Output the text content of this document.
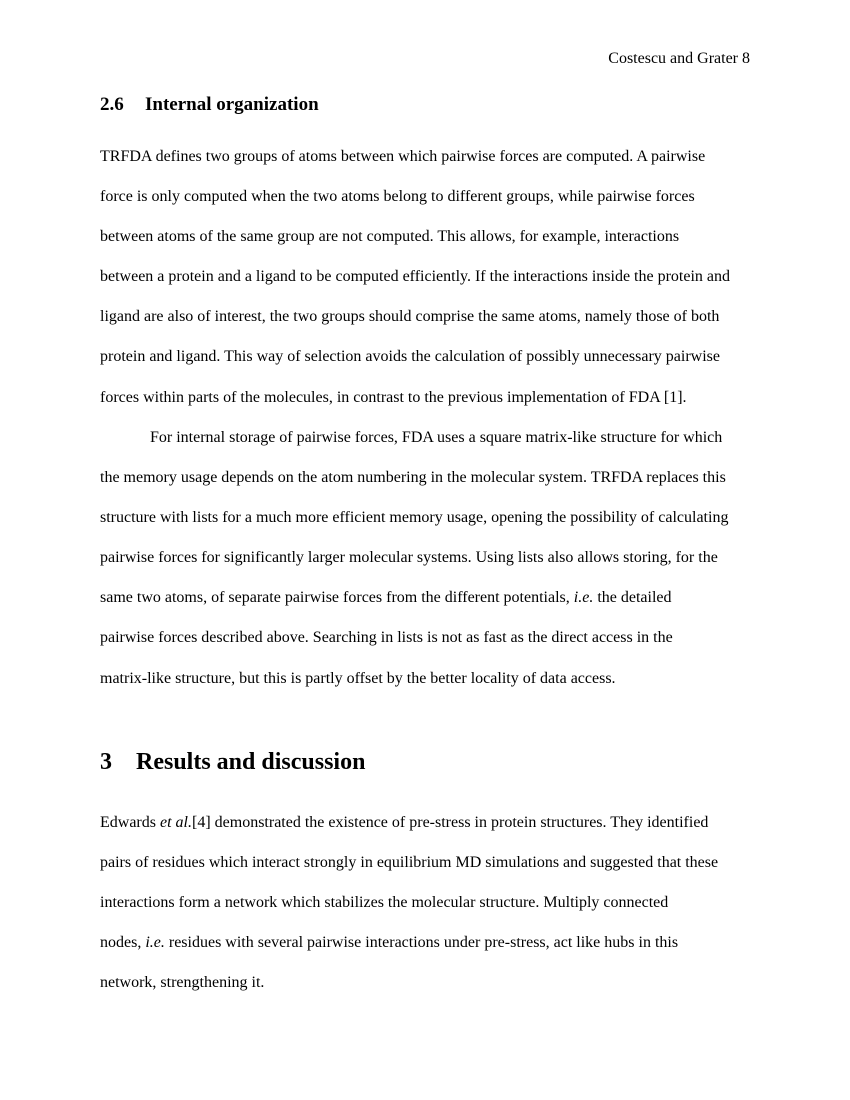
Costescu and Grater 8
2.6 Internal organization
TRFDA defines two groups of atoms between which pairwise forces are computed. A pairwise
force is only computed when the two atoms belong to different groups, while pairwise forces
between atoms of the same group are not computed. This allows, for example, interactions
between a protein and a ligand to be computed efficiently. If the interactions inside the protein and
ligand are also of interest, the two groups should comprise the same atoms, namely those of both
protein and ligand. This way of selection avoids the calculation of possibly unnecessary pairwise
forces within parts of the molecules, in contrast to the previous implementation of FDA [1].
For internal storage of pairwise forces, FDA uses a square matrix-like structure for which
the memory usage depends on the atom numbering in the molecular system. TRFDA replaces this
structure with lists for a much more efficient memory usage, opening the possibility of calculating
pairwise forces for significantly larger molecular systems. Using lists also allows storing, for the
same two atoms, of separate pairwise forces from the different potentials, i.e. the detailed
pairwise forces described above. Searching in lists is not as fast as the direct access in the
matrix-like structure, but this is partly offset by the better locality of data access.
3 Results and discussion
Edwards et al.[4] demonstrated the existence of pre-stress in protein structures. They identified
pairs of residues which interact strongly in equilibrium MD simulations and suggested that these
interactions form a network which stabilizes the molecular structure. Multiply connected
nodes, i.e. residues with several pairwise interactions under pre-stress, act like hubs in this
network, strengthening it.
